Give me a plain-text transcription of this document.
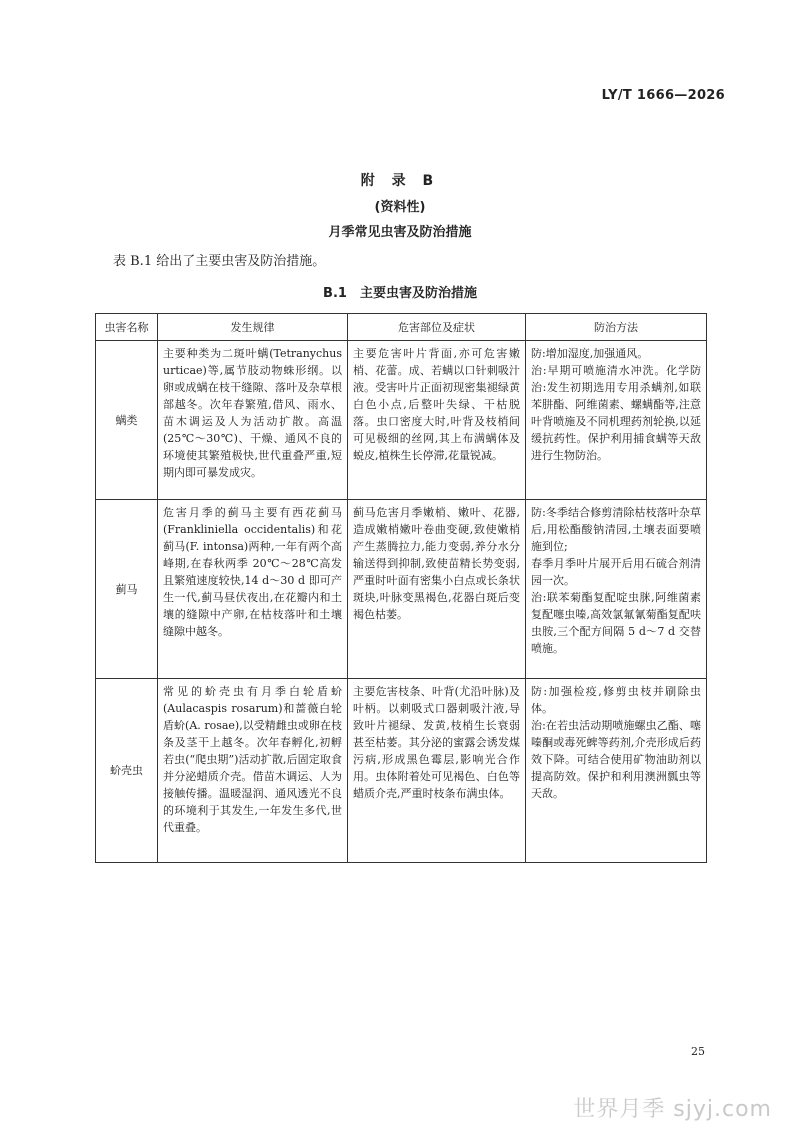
LY/T 1666—2026
附 录 B
(资料性)
月季常见虫害及防治措施
表 B.1 给出了主要虫害及防治措施。
B.1　主要虫害及防治措施
虫害名称	发生规律	危害部位及症状	防治方法
螨类	主要种类为二斑叶螨(Tetranychus urticae)等,属节肢动物蛛形纲。以卵或成螨在枝干缝隙、落叶及杂草根部越冬。次年春繁殖,借风、雨水、苗木调运及人为活动扩散。高温(25℃～30℃)、干燥、通风不良的环境使其繁殖极快,世代重叠严重,短期内即可暴发成灾。	主要危害叶片背面,亦可危害嫩梢、花蕾。成、若螨以口针刺吸汁液。受害叶片正面初现密集褪绿黄白色小点,后整叶失绿、干枯脱落。虫口密度大时,叶背及枝梢间可见极细的丝网,其上布满螨体及蜕皮,植株生长停滞,花量锐减。	防:增加湿度,加强通风。
治:早期可喷施清水冲洗。化学防治:发生初期选用专用杀螨剂,如联苯肼酯、阿维菌素、螺螨酯等,注意叶背喷施及不同机理药剂轮换,以延缓抗药性。保护利用捕食螨等天敌进行生物防治。
蓟马	危害月季的蓟马主要有西花蓟马(Frankliniella occidentalis)和花蓟马(F. intonsa)两种,一年有两个高峰期,在春秋两季 20℃～28℃高发且繁殖速度较快,14 d～30 d 即可产生一代,蓟马昼伏夜出,在花瓣内和土壤的缝隙中产卵,在枯枝落叶和土壤缝隙中越冬。	蓟马危害月季嫩梢、嫩叶、花器,造成嫩梢嫩叶卷曲变硬,致使嫩梢产生蒸腾拉力,能力变弱,养分水分输送得到抑制,致使苗精长势变弱,严重时叶面有密集小白点或长条状斑块,叶脉变黑褐色,花器白斑后变褐色枯萎。	防:冬季结合修剪清除枯枝落叶杂草后,用松酯酸钠清园,土壤表面要喷施到位;
春季月季叶片展开后用石硫合剂清园一次。
治:联苯菊酯复配啶虫脒,阿维菌素复配噻虫嗪,高效氯氟氰菊酯复配呋虫胺,三个配方间隔 5 d～7 d 交替喷施。
蚧壳虫	常见的蚧壳虫有月季白轮盾蚧(Aulacaspis rosarum)和蔷薇白轮盾蚧(A. rosae),以受精雌虫或卵在枝条及茎干上越冬。次年春孵化,初孵若虫(“爬虫期”)活动扩散,后固定取食并分泌蜡质介壳。借苗木调运、人为接触传播。温暖湿润、通风透光不良的环境利于其发生,一年发生多代,世代重叠。	主要危害枝条、叶背(尤沿叶脉)及叶柄。以刺吸式口器刺吸汁液,导致叶片褪绿、发黄,枝梢生长衰弱甚至枯萎。其分泌的蜜露会诱发煤污病,形成黑色霉层,影响光合作用。虫体附着处可见褐色、白色等蜡质介壳,严重时枝条布满虫体。	防:加强检疫,修剪虫枝并刷除虫体。
治:在若虫活动期喷施螺虫乙酯、噻嗪酮或毒死蜱等药剂,介壳形成后药效下降。可结合使用矿物油助剂以提高防效。保护和利用澳洲瓢虫等天敌。
25
世界月季 sjyj.com
